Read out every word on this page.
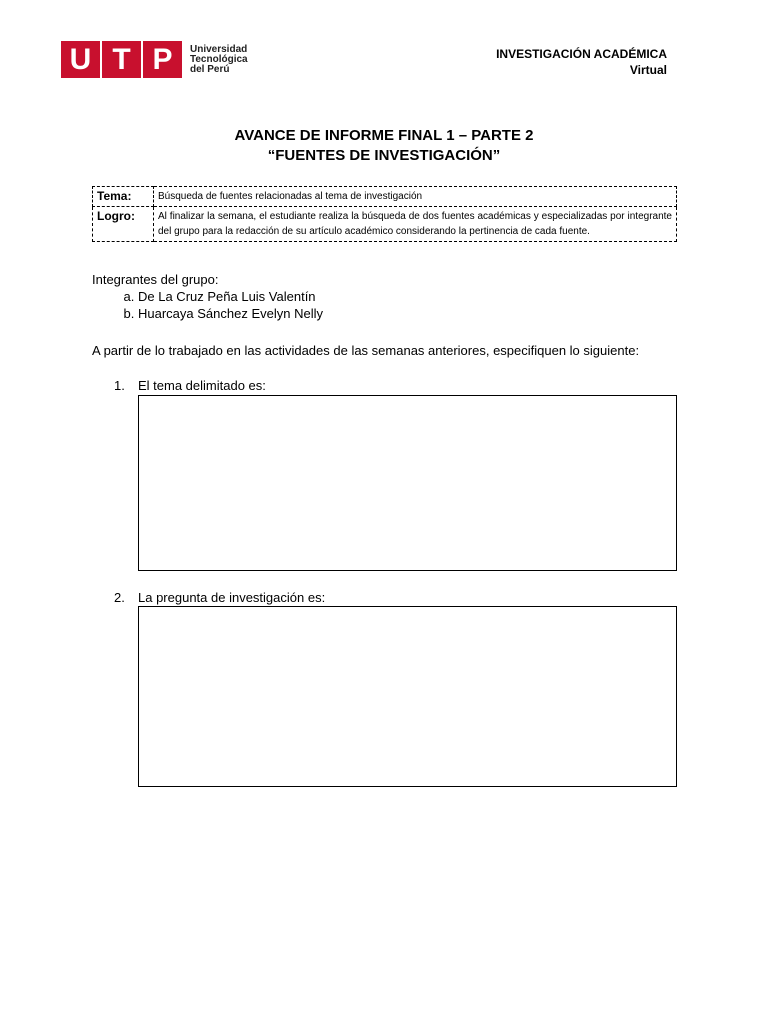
U T P	Universidad
Tecnológica
del Perú
INVESTIGACIÓN ACADÉMICA
Virtual
AVANCE DE INFORME FINAL 1 – PARTE 2
“FUENTES DE INVESTIGACIÓN”
Tema:	Búsqueda de fuentes relacionadas al tema de investigación
Logro:	Al finalizar la semana, el estudiante realiza la búsqueda de dos fuentes académicas y especializadas por integrante del grupo para la redacción de su artículo académico considerando la pertinencia de cada fuente.
Integrantes del grupo:
a. De La Cruz Peña Luis Valentín
b. Huarcaya Sánchez Evelyn Nelly
A partir de lo trabajado en las actividades de las semanas anteriores, especifiquen lo siguiente:
1. El tema delimitado es:
2. La pregunta de investigación es:
